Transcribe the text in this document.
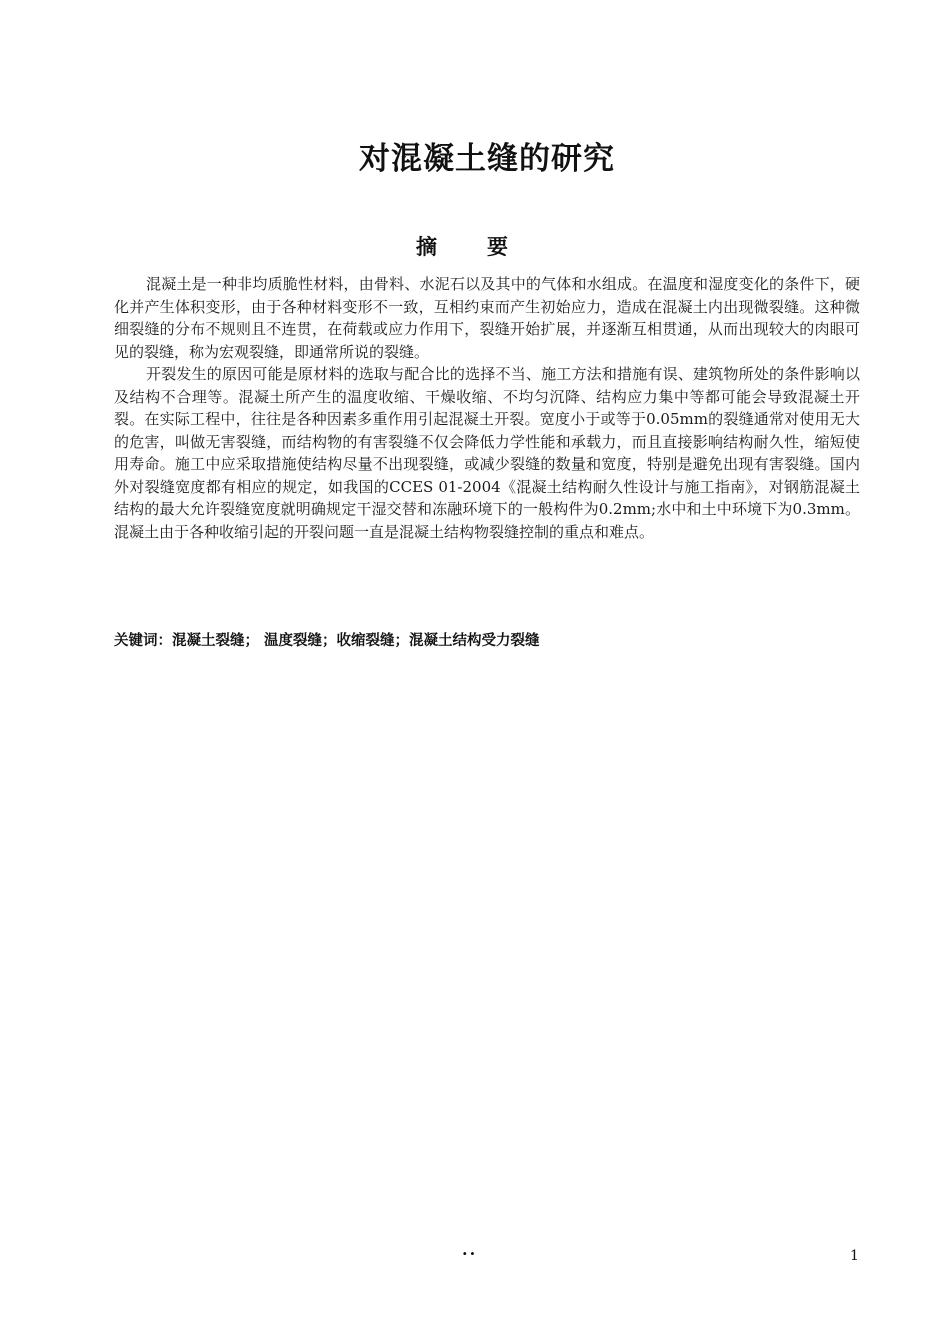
对混凝土缝的研究
摘要

混凝土是一种非均质脆性材料，由骨料、水泥石以及其中的气体和水组成。在温度和湿度变化的条件下，硬化并产生体积变形，由于各种材料变形不一致，互相约束而产生初始应力，造成在混凝土内出现微裂缝。这种微细裂缝的分布不规则且不连贯，在荷载或应力作用下，裂缝开始扩展，并逐渐互相贯通，从而出现较大的肉眼可见的裂缝，称为宏观裂缝，即通常所说的裂缝。

开裂发生的原因可能是原材料的选取与配合比的选择不当、施工方法和措施有误、建筑物所处的条件影响以及结构不合理等。混凝土所产生的温度收缩、干燥收缩、不均匀沉降、结构应力集中等都可能会导致混凝土开裂。在实际工程中，往往是各种因素多重作用引起混凝土开裂。宽度小于或等于0.05mm的裂缝通常对使用无大的危害，叫做无害裂缝，而结构物的有害裂缝不仅会降低力学性能和承载力，而且直接影响结构耐久性，缩短使用寿命。施工中应采取措施使结构尽量不出现裂缝，或减少裂缝的数量和宽度，特别是避免出现有害裂缝。国内外对裂缝宽度都有相应的规定，如我国的CCES 01-2004《混凝土结构耐久性设计与施工指南》，对钢筋混凝土结构的最大允许裂缝宽度就明确规定干湿交替和冻融环境下的一般构件为0.2mm;水中和土中环境下为0.3mm。混凝土由于各种收缩引起的开裂问题一直是混凝土结构物裂缝控制的重点和难点。

关键词：混凝土裂缝； 温度裂缝；收缩裂缝；混凝土结构受力裂缝
··	1
